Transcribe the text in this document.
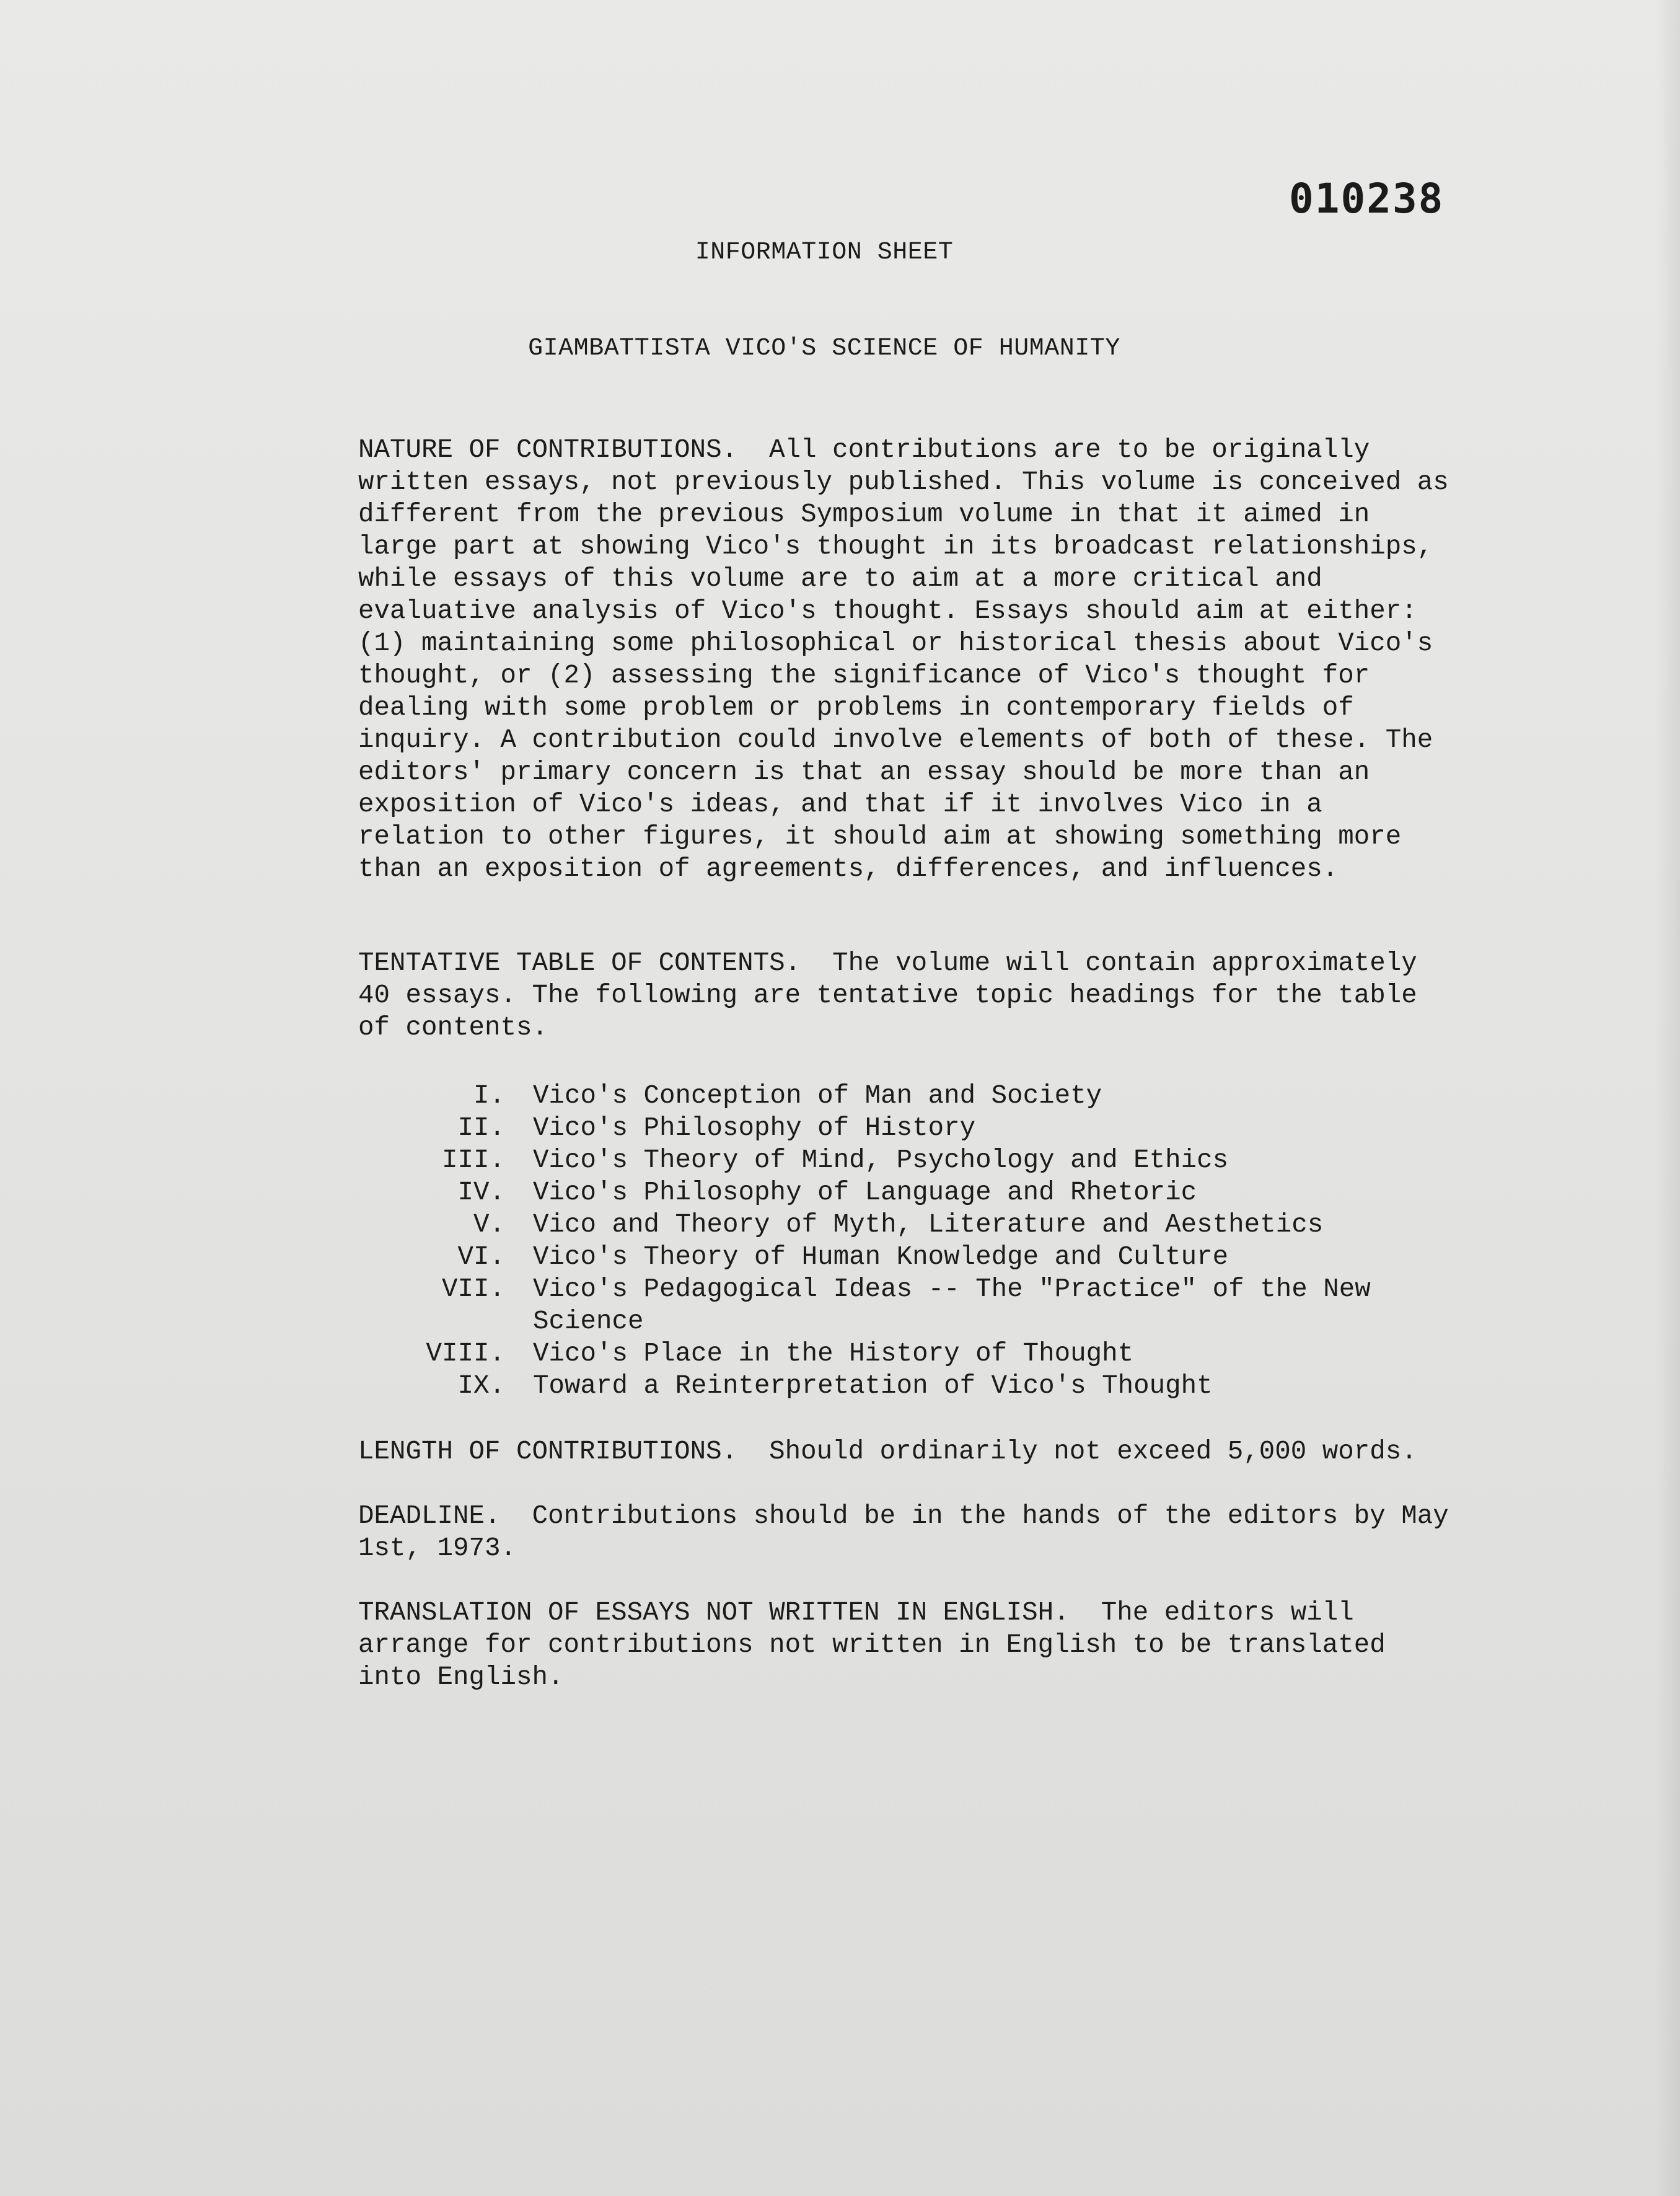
010238
INFORMATION SHEET
GIAMBATTISTA VICO'S SCIENCE OF HUMANITY

NATURE OF CONTRIBUTIONS. All contributions are to be originally written essays, not previously published. This volume is conceived as different from the previous Symposium volume in that it aimed in large part at showing Vico's thought in its broadcast relationships, while essays of this volume are to aim at a more critical and evaluative analysis of Vico's thought. Essays should aim at either: (1) maintaining some philosophical or historical thesis about Vico's thought, or (2) assessing the significance of Vico's thought for dealing with some problem or problems in contemporary fields of inquiry. A contribution could involve elements of both of these. The editors' primary concern is that an essay should be more than an exposition of Vico's ideas, and that if it involves Vico in a relation to other figures, it should aim at showing something more than an exposition of agreements, differences, and influences.

TENTATIVE TABLE OF CONTENTS. The volume will contain approximately 40 essays. The following are tentative topic headings for the table of contents.

I.	Vico's Conception of Man and Society
II.	Vico's Philosophy of History
III.	Vico's Theory of Mind, Psychology and Ethics
IV.	Vico's Philosophy of Language and Rhetoric
V.	Vico and Theory of Myth, Literature and Aesthetics
VI.	Vico's Theory of Human Knowledge and Culture
VII.	Vico's Pedagogical Ideas -- The "Practice" of the New Science
VIII.	Vico's Place in the History of Thought
IX.	Toward a Reinterpretation of Vico's Thought

LENGTH OF CONTRIBUTIONS. Should ordinarily not exceed 5,000 words.

DEADLINE. Contributions should be in the hands of the editors by May 1st, 1973.

TRANSLATION OF ESSAYS NOT WRITTEN IN ENGLISH. The editors will arrange for contributions not written in English to be translated into English.
